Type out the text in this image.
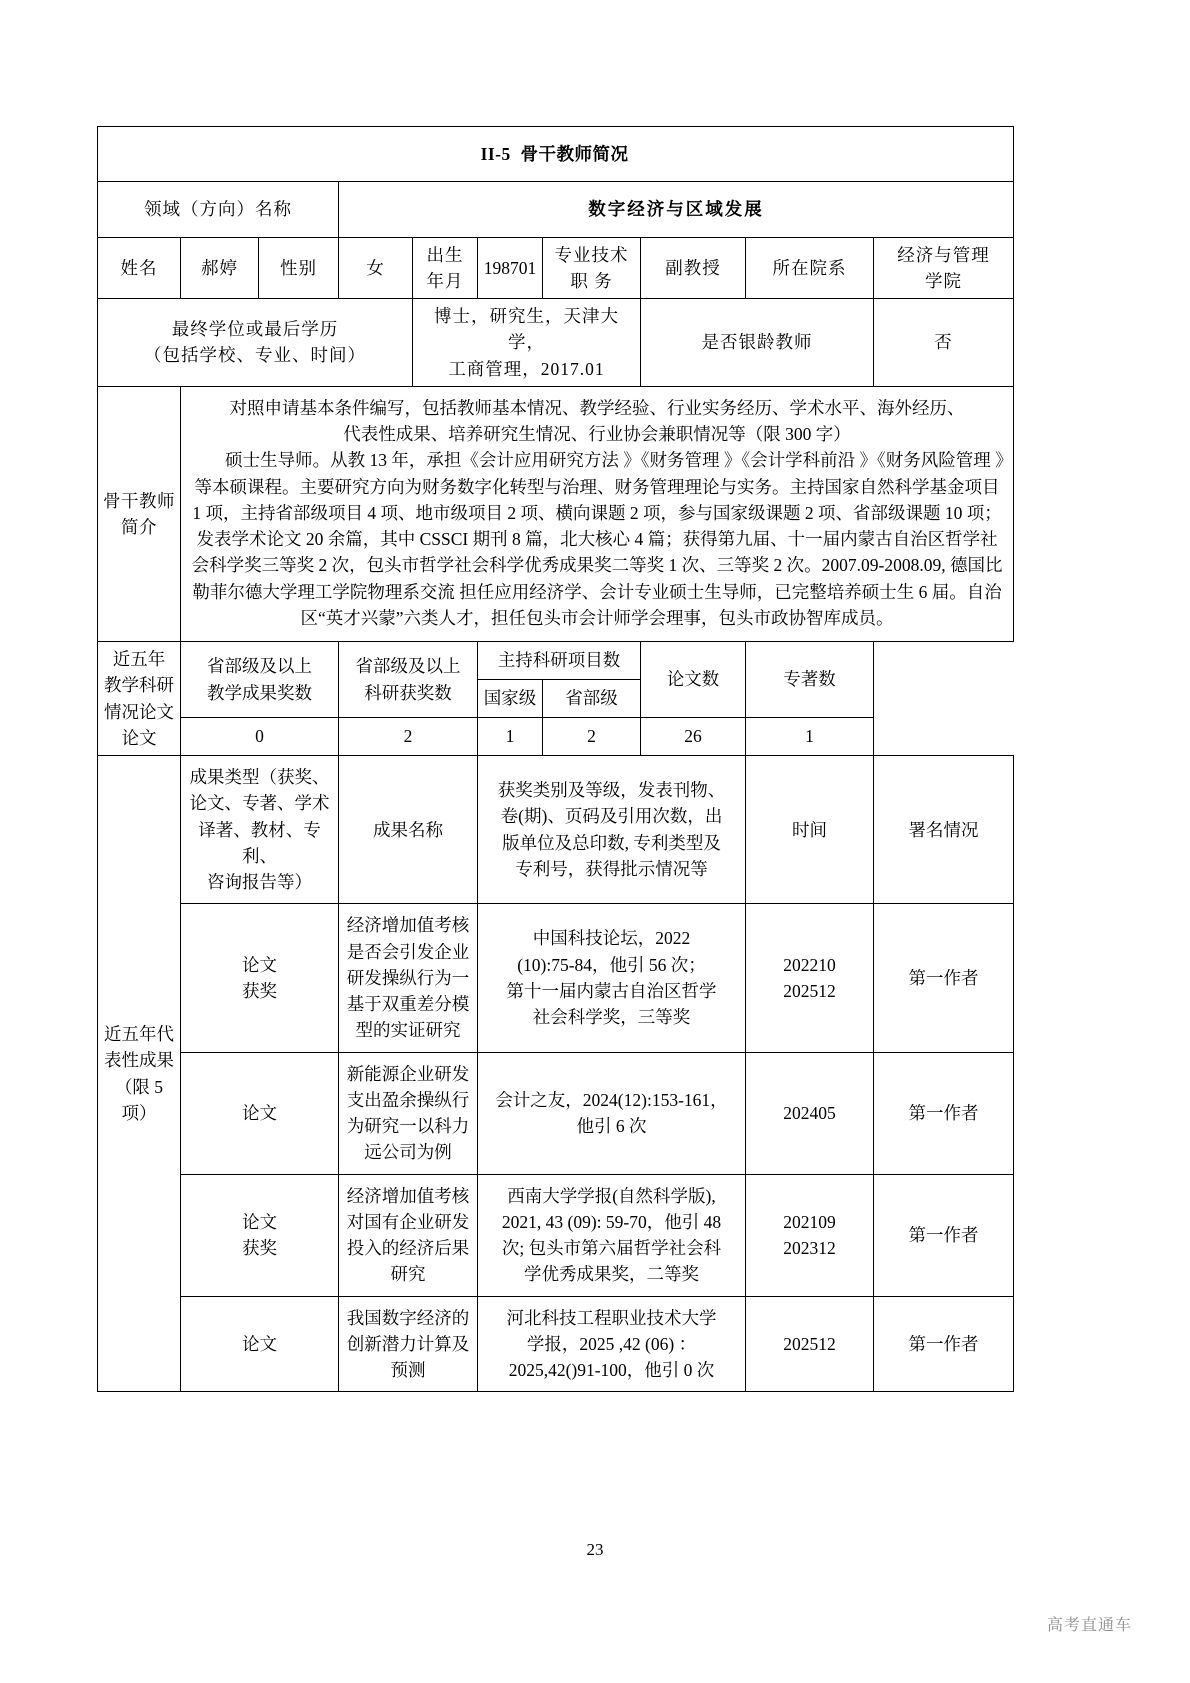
II-5 骨干教师简况									
领域（方向）名称			数字经济与区域发展						
姓名	郝婷	性别	女	出生
年月	198701	专业技术
职 务	副教授	所在院系	经济与管理
学院
最终学位或最后学历
（包括学校、专业、时间）				博士，研究生，天津大学，
工商管理，2017.01			是否银龄教师		否
骨干教师
简介	

对照申请基本条件编写，包括教师基本情况、教学经验、行业实务经历、学术水平、海外经历、

代表性成果、培养研究生情况、行业协会兼职情况等（限 300 字）

硕士生导师。从教 13 年，承担《会计应用研究方法 》《财务管理 》《会计学科前沿 》《财务风险管理 》等本硕课程。主要研究方向为财务数字化转型与治理、财务管理理论与实务。主持国家自然科学基金项目 1 项，主持省部级项目 4 项、地市级项目 2 项、横向课题 2 项，参与国家级课题 2 项、省部级课题 10 项；发表学术论文 20 余篇，其中 CSSCI 期刊 8 篇，北大核心 4 篇；获得第九届、十一届内蒙古自治区哲学社会科学奖三等奖 2 次，包头市哲学社会科学优秀成果奖二等奖 1 次、三等奖 2 次。2007.09-2008.09, 德国比勒菲尔德大学理工学院物理系交流 担任应用经济学、会计专业硕士生导师，已完整培养硕士生 6 届。自治区“英才兴蒙”六类人才，担任包头市会计师学会理事，包头市政协智库成员。

近五年
教学科研
情况论文
论文	省部级及以上
教学成果奖数		省部级及以上
科研获奖数		主持科研项目数		论文数	专著数	
					国家级	省部级			
	0		2		1	2	26	1	
近五年代
表性成果
（限 5 项）	成果类型（获奖、
论文、专著、学术
译著、教材、专利、
咨询报告等）		成果名称		获奖类别及等级，发表刊物、
卷(期)、页码及引用次数，出
版单位及总印数, 专利类型及
专利号，获得批示情况等			时间	署名情况
	论文
获奖		经济增加值考核
是否会引发企业
研发操纵行为一
基于双重差分模
型的实证研究		中国科技论坛，2022
(10):75-84，他引 56 次；
第十一届内蒙古自治区哲学
社会科学奖，三等奖			202210
202512	第一作者
	论文		新能源企业研发
支出盈余操纵行
为研究一以科力
远公司为例		会计之友，2024(12):153-161，
他引 6 次			202405	第一作者
	论文
获奖		经济增加值考核
对国有企业研发
投入的经济后果
研究		西南大学学报(自然科学版),
2021, 43 (09): 59-70，他引 48
次; 包头市第六届哲学社会科
学优秀成果奖，二等奖			202109
202312	第一作者
	论文		我国数字经济的
创新潜力计算及
预测		河北科技工程职业技术大学
学报，2025 ,42 (06) ：
2025,42()91-100，他引 0 次			202512	第一作者
23
高考直通车
